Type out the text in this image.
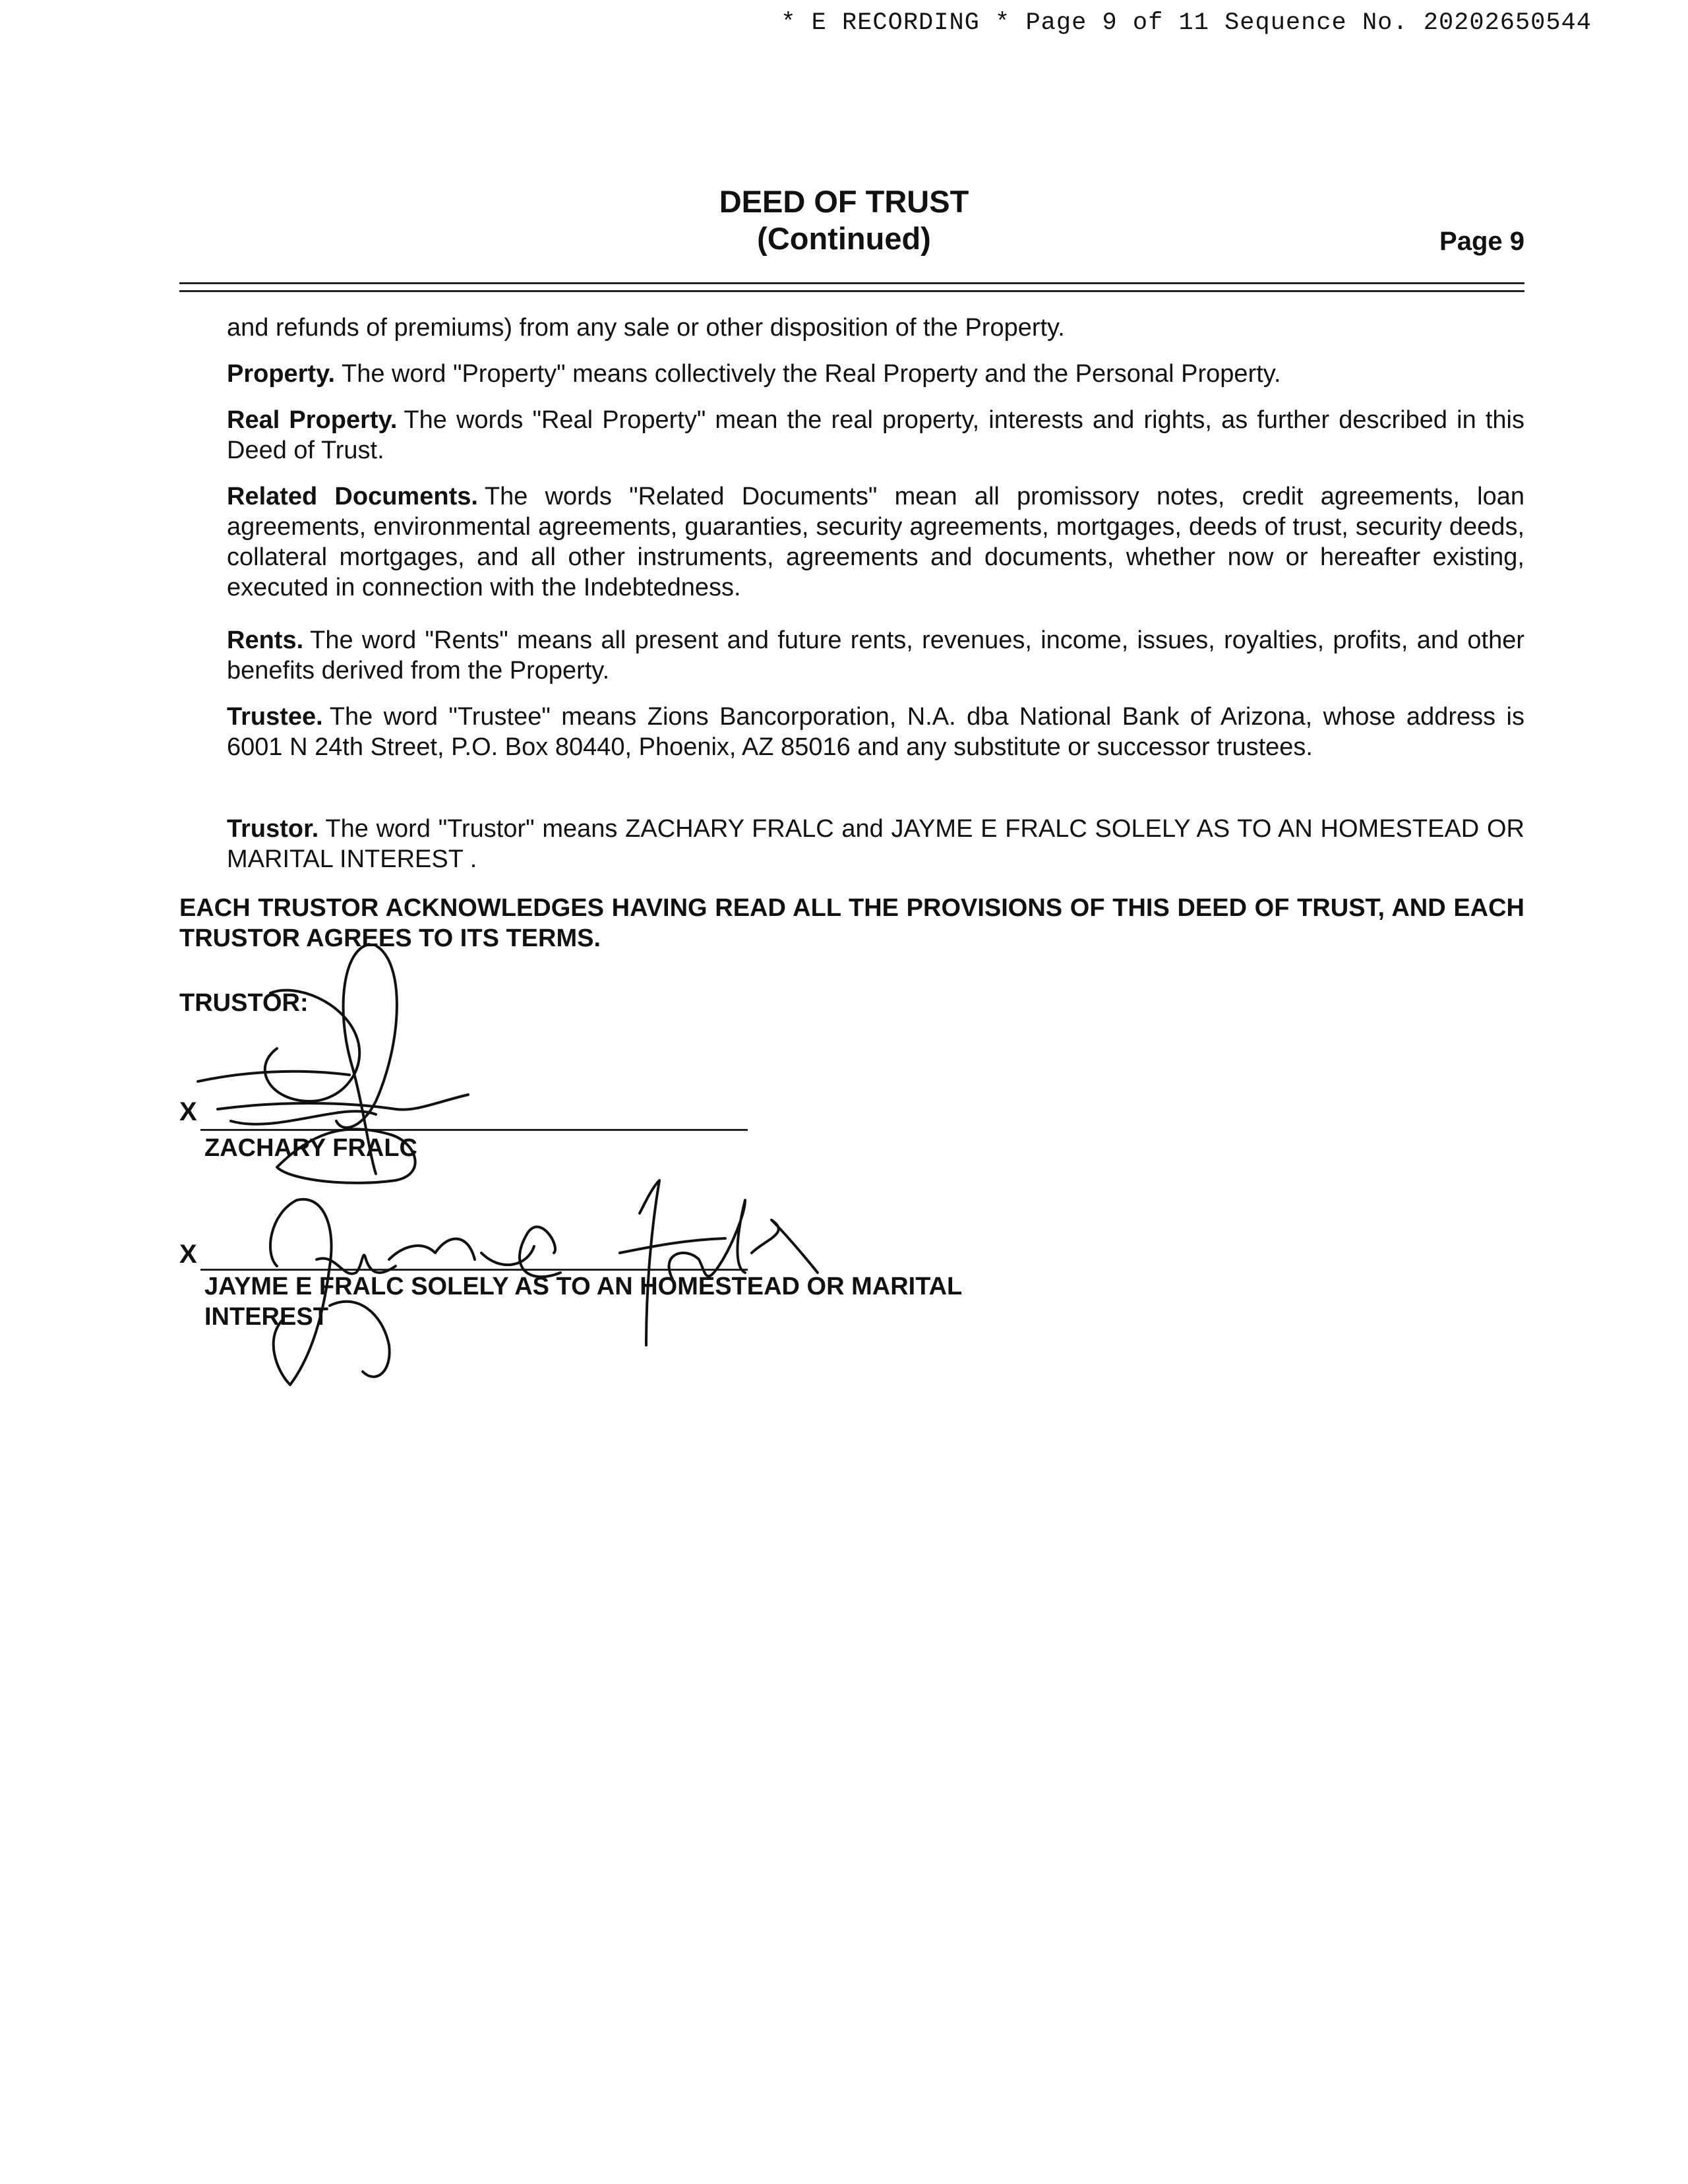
* E RECORDING * Page 9 of 11 Sequence No. 20202650544
DEED OF TRUST
(Continued)	Page 9

and refunds of premiums) from any sale or other disposition of the Property.

Property. The word "Property" means collectively the Real Property and the Personal Property.

Real Property. The words "Real Property" mean the real property, interests and rights, as further described in this Deed of Trust.

Related Documents. The words "Related Documents" mean all promissory notes, credit agreements, loan agreements, environmental agreements, guaranties, security agreements, mortgages, deeds of trust, security deeds, collateral mortgages, and all other instruments, agreements and documents, whether now or hereafter existing, executed in connection with the Indebtedness.

Rents. The word "Rents" means all present and future rents, revenues, income, issues, royalties, profits, and other benefits derived from the Property.

Trustee. The word "Trustee" means Zions Bancorporation, N.A. dba National Bank of Arizona, whose address is 6001 N 24th Street, P.O. Box 80440, Phoenix, AZ 85016 and any substitute or successor trustees.

Trustor. The word "Trustor" means ZACHARY FRALC and JAYME E FRALC SOLELY AS TO AN HOMESTEAD OR MARITAL INTEREST .

EACH TRUSTOR ACKNOWLEDGES HAVING READ ALL THE PROVISIONS OF THIS DEED OF TRUST, AND EACH TRUSTOR AGREES TO ITS TERMS.
TRUSTOR:
X
ZACHARY FRALC
X
JAYME E FRALC SOLELY AS TO AN HOMESTEAD OR MARITAL
INTEREST
